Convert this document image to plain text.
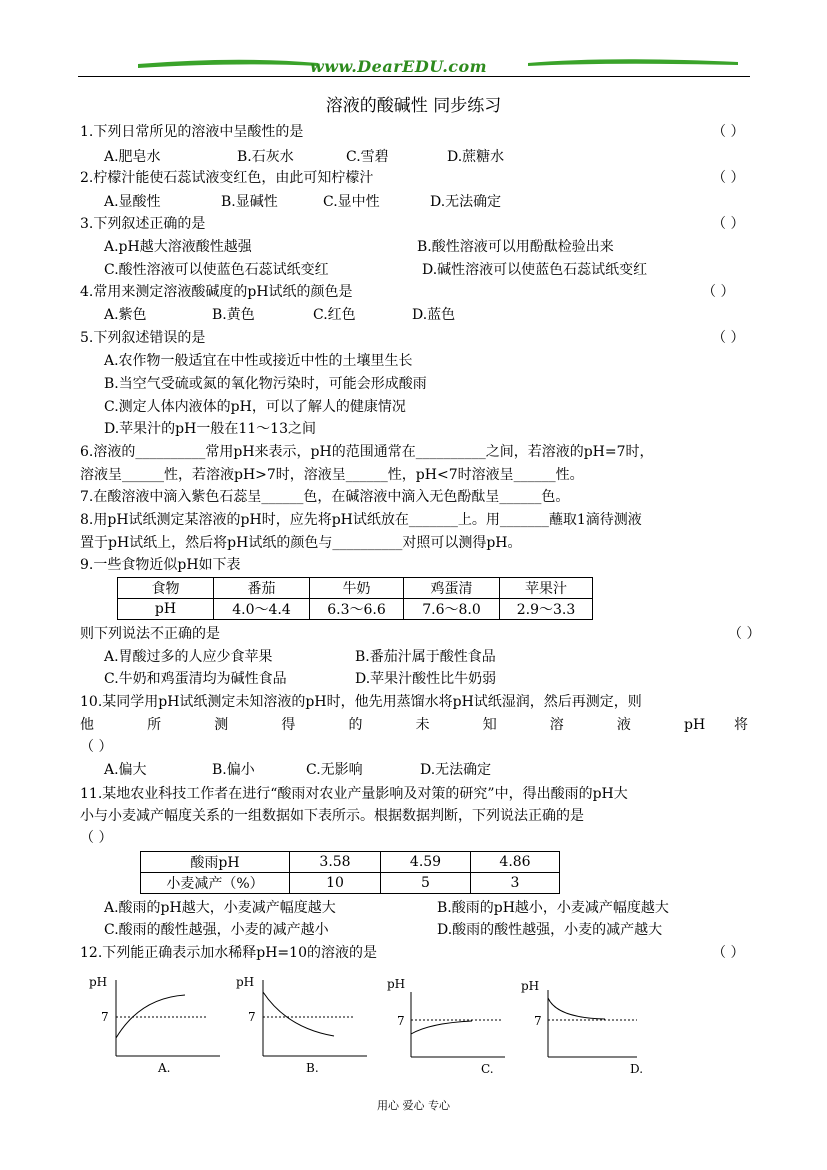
www.DearEDU.com
溶液的酸碱性 同步练习
1.下列日常所见的溶液中呈酸性的是	（ ）
A.肥皂水	B.石灰水	C.雪碧	D.蔗糖水
2.柠檬汁能使石蕊试液变红色，由此可知柠檬汁	（ ）
A.显酸性	B.显碱性	C.显中性	D.无法确定
3.下列叙述正确的是	（ ）
A.pH越大溶液酸性越强	B.酸性溶液可以用酚酞检验出来
C.酸性溶液可以使蓝色石蕊试纸变红	D.碱性溶液可以使蓝色石蕊试纸变红
4.常用来测定溶液酸碱度的pH试纸的颜色是	（ ）
A.紫色	B.黄色	C.红色	D.蓝色
5.下列叙述错误的是	（ ）
A.农作物一般适宜在中性或接近中性的土壤里生长
B.当空气受硫或氮的氧化物污染时，可能会形成酸雨
C.测定人体内液体的pH，可以了解人的健康情况
D.苹果汁的pH一般在11～13之间
6.溶液的__________常用pH来表示，pH的范围通常在__________之间，若溶液的pH=7时，
溶液呈______性，若溶液pH>7时，溶液呈______性，pH<7时溶液呈______性。
7.在酸溶液中滴入紫色石蕊呈______色，在碱溶液中滴入无色酚酞呈______色。
8.用pH试纸测定某溶液的pH时，应先将pH试纸放在_______上。用_______蘸取1滴待测液
置于pH试纸上，然后将pH试纸的颜色与__________对照可以测得pH。
9.一些食物近似pH如下表
食物	番茄	牛奶	鸡蛋清	苹果汁
pH	4.0～4.4	6.3～6.6	7.6～8.0	2.9～3.3
则下列说法不正确的是	（ ）
A.胃酸过多的人应少食苹果	B.番茄汁属于酸性食品
C.牛奶和鸡蛋清均为碱性食品	D.苹果汁酸性比牛奶弱
10.某同学用pH试纸测定未知溶液的pH时，他先用蒸馏水将pH试纸湿润，然后再测定，则
他 所 测 得 的 未 知 溶 液 pH 将
（ ）
A.偏大	B.偏小	C.无影响	D.无法确定
11.某地农业科技工作者在进行“酸雨对农业产量影响及对策的研究”中，得出酸雨的pH大
小与小麦减产幅度关系的一组数据如下表所示。根据数据判断，下列说法正确的是
（ ）
酸雨pH	3.58	4.59	4.86
小麦减产（%）	10	5	3
A.酸雨的pH越大，小麦减产幅度越大	B.酸雨的pH越小，小麦减产幅度越大
C.酸雨的酸性越强，小麦的减产越小	D.酸雨的酸性越强，小麦的减产越大
12.下列能正确表示加水稀释pH=10的溶液的是	（ ）
pH
7
A.
pH
7
B.
pH
7
C.
pH
7
D.
用心 爱心 专心
